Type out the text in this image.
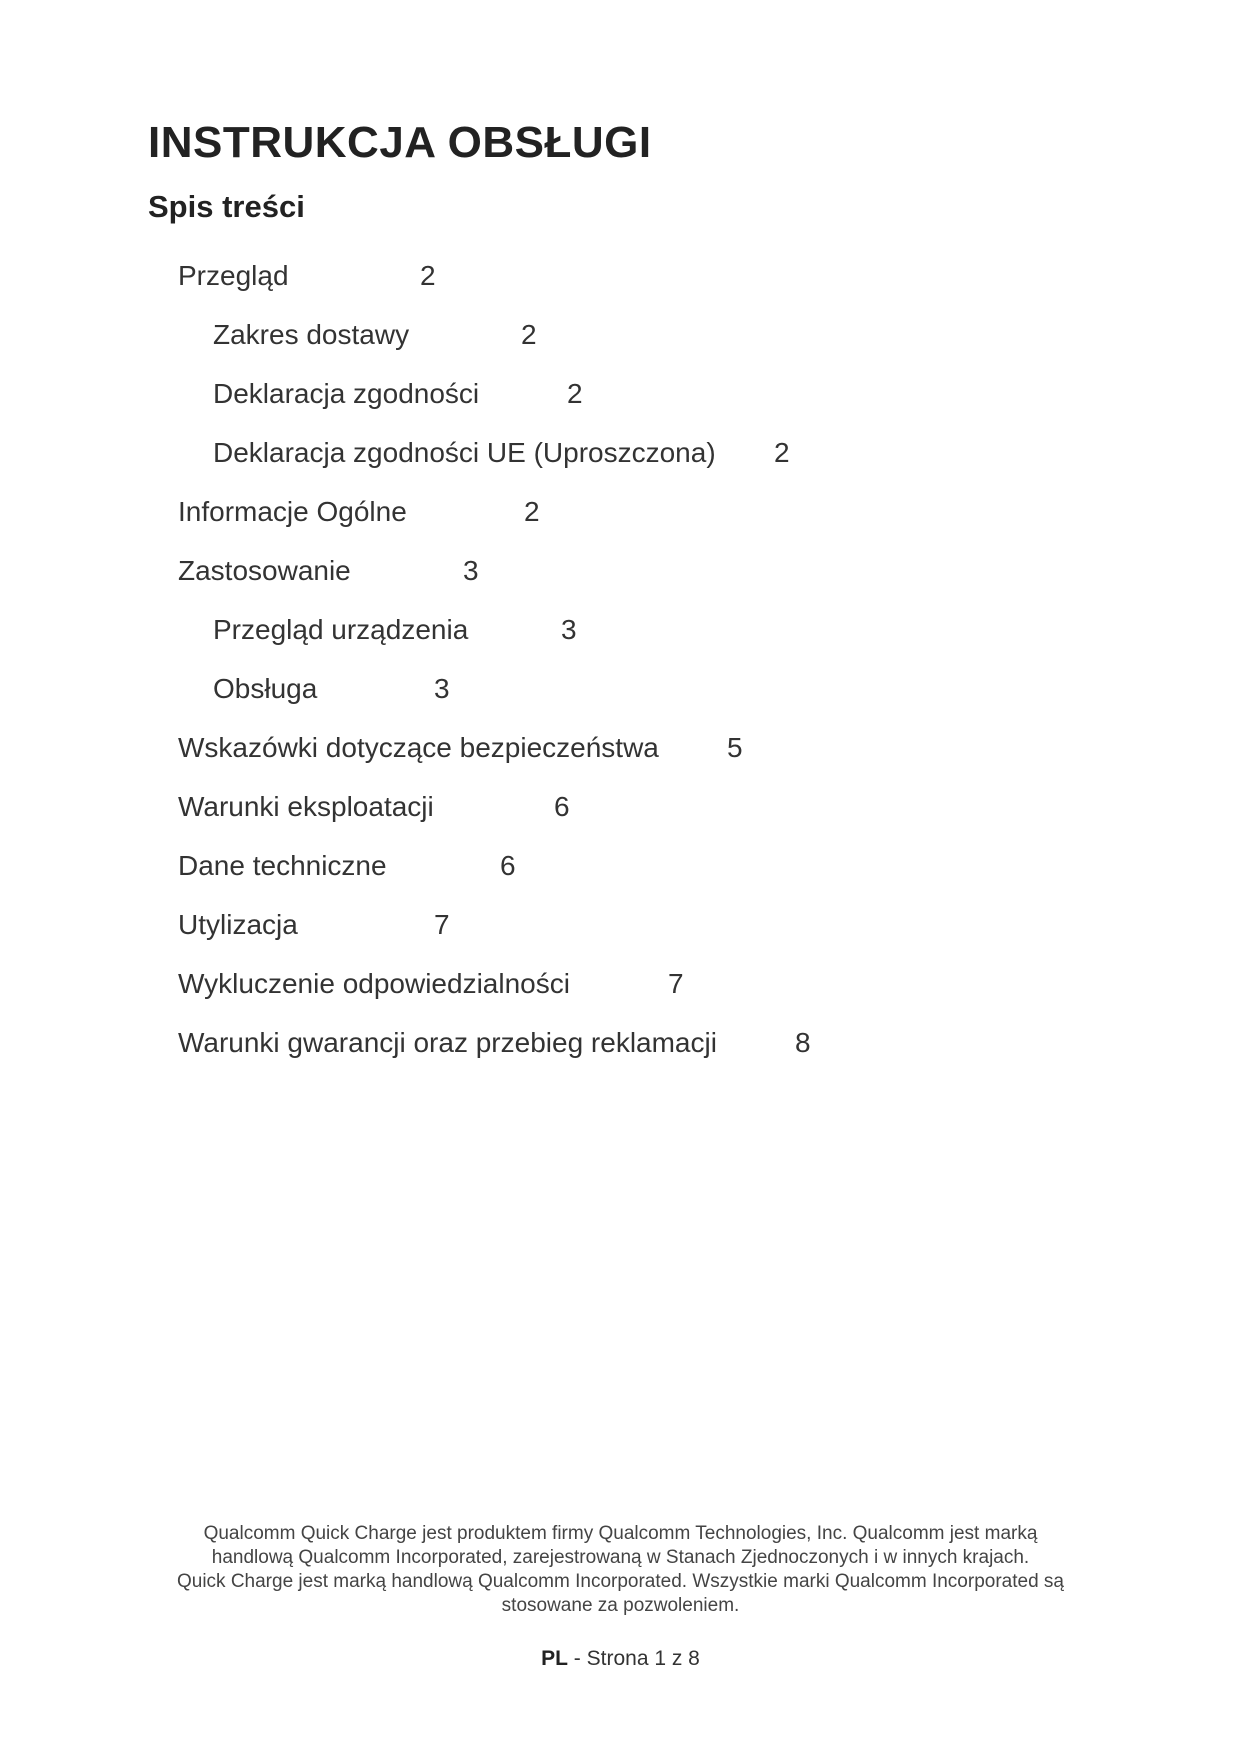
INSTRUKCJA OBSŁUGI
Spis treści
Przegląd	2
Zakres dostawy	2
Deklaracja zgodności	2
Deklaracja zgodności UE (Uproszczona) 2
Informacje Ogólne	2
Zastosowanie	3
Przegląd urządzenia	3
Obsługa	3
Wskazówki dotyczące bezpieczeństwa 5
Warunki eksploatacji	6
Dane techniczne	6
Utylizacja	7
Wykluczenie odpowiedzialności	7
Warunki gwarancji oraz przebieg reklamacji	8
Qualcomm Quick Charge jest produktem firmy Qualcomm Technologies, Inc. Qualcomm jest marką
handlową Qualcomm Incorporated, zarejestrowaną w Stanach Zjednoczonych i w innych krajach.
Quick Charge jest marką handlową Qualcomm Incorporated. Wszystkie marki Qualcomm Incorporated są
stosowane za pozwoleniem.
PL - Strona 1 z 8
